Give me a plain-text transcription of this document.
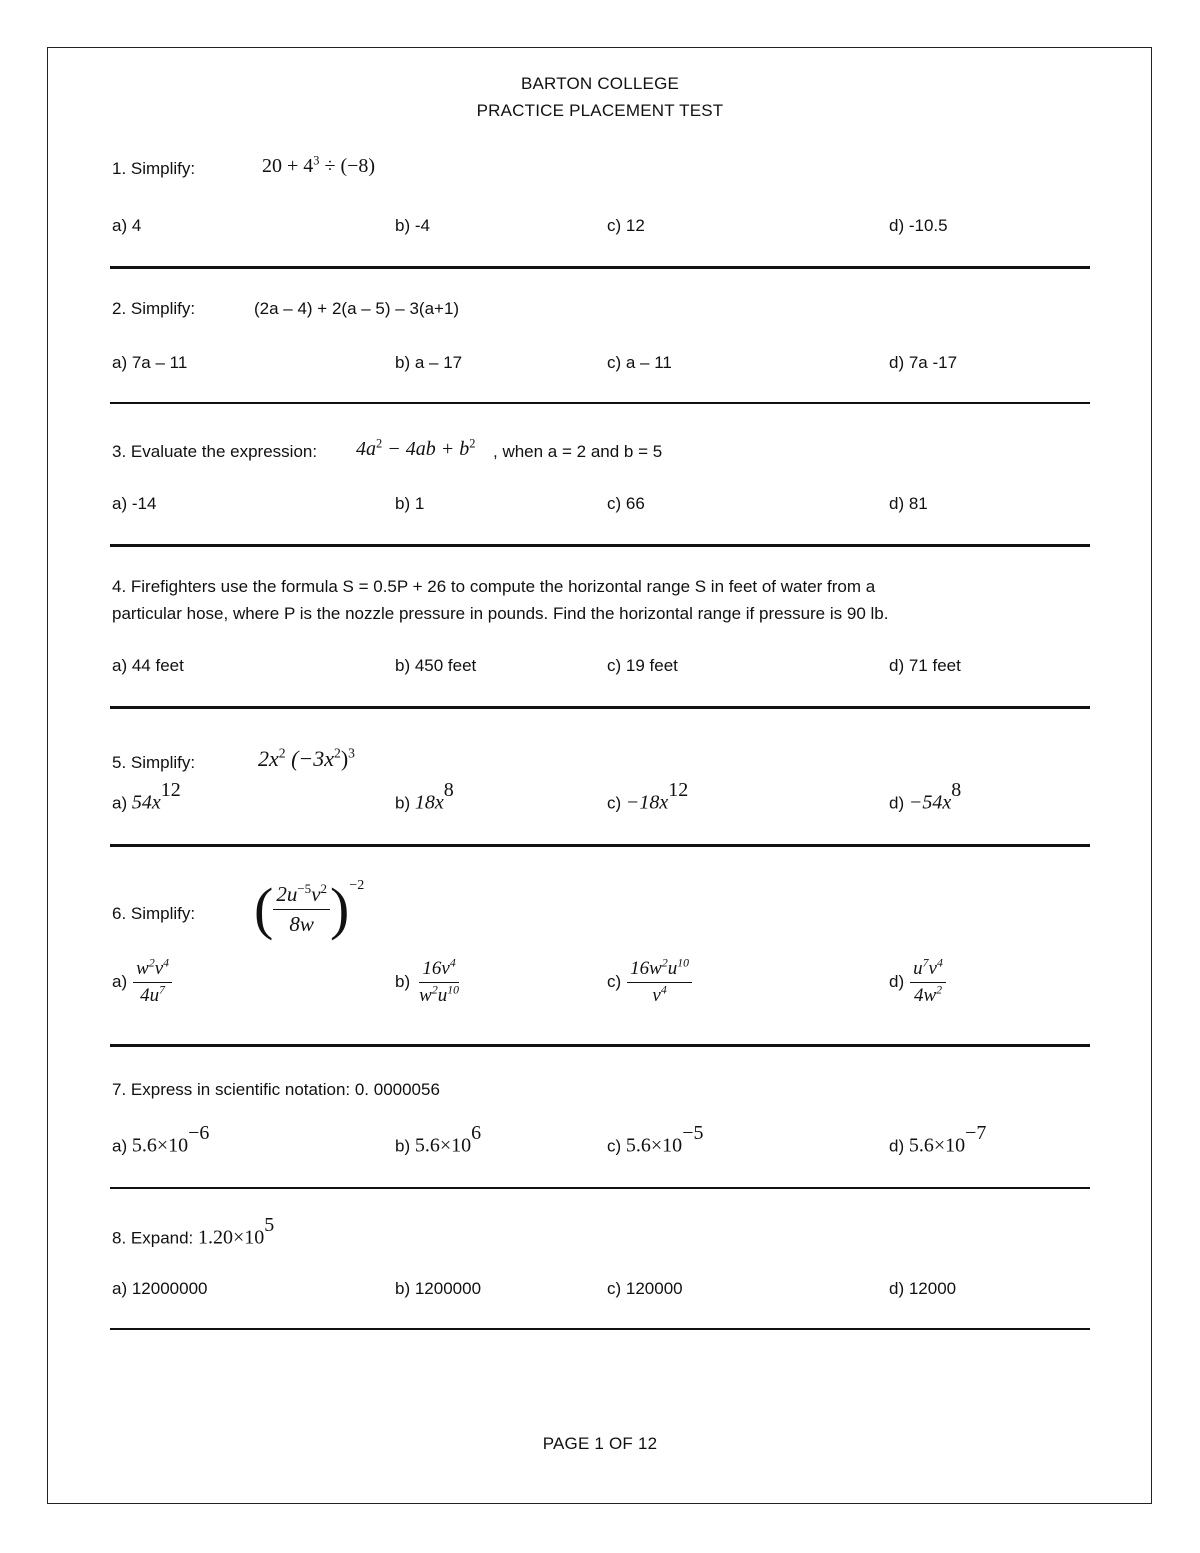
BARTON COLLEGE
PRACTICE PLACEMENT TEST
1. Simplify:	$20 + 4^3 \div (-8)$
a) 4	b) -4	c) 12	d) -10.5
2. Simplify:	(2a – 4) + 2(a – 5) – 3(a+1)
a) 7a – 11	b) a – 17	c) a – 11	d) 7a -17
3. Evaluate the expression: $4a^2 - 4ab + b^2$ , when a = 2 and b = 5
a) -14	b) 1	c) 66	d) 81
4. Firefighters use the formula S = 0.5P + 26 to compute the horizontal range S in feet of water from a
particular hose, where P is the nozzle pressure in pounds. Find the horizontal range if pressure is 90 lb.
a) 44 feet	b) 450 feet	c) 19 feet	d) 71 feet
5. Simplify:	$2x^2$ $(-3x^2)^3$
a) $54x^{12}$
b) $18x^8$
$c) -18x^{12}$
$d) -54x^8$
6. Simplify: ( $\frac{2u^{-5}v^2}{8w}$ ) −2
$a) \frac{w^2v^4}{4u^7}$	$b) \frac{16v^4}{w^2u^{10}}$	$c) \frac{16w^2u^{10}}{v^4}$	$d) \frac{u^7v^4}{4w^2}$
7. Express in scientific notation: 0. 0000056
a) $5.6\times 10^{-6}$
b) $5.6\times 10^6$
c) $5.6\times 10^{-5}$
d) $5.6\times 10^{-7}$
8. Expand: $1.20\times 10^5$
a) 12000000	b) 1200000	c) 120000	d) 12000
PAGE 1 OF 12
